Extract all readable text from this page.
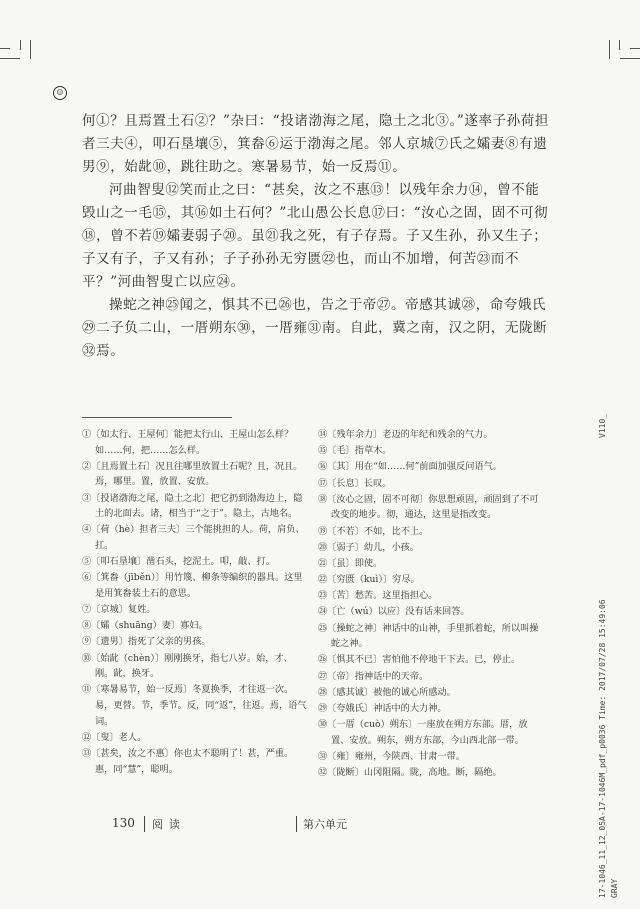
☺

何①？且焉置土石②？”杂曰：“投诸渤海之尾，隐土之北③。”遂率子孙荷担者三夫④，叩石垦壤⑤，箕畚⑥运于渤海之尾。邻人京城⑦氏之孀妻⑧有遗男⑨，始龀⑩，跳往助之。寒暑易节，始一反焉⑪。

河曲智叟⑫笑而止之曰：“甚矣，汝之不惠⑬！以残年余力⑭，曾不能毁山之一毛⑮，其⑯如土石何？”北山愚公长息⑰曰：“汝心之固，固不可彻⑱，曾不若⑲孀妻弱子⑳。虽㉑我之死，有子存焉。子又生孙，孙又生子；子又有子，子又有孙；子子孙孙无穷匮㉒也，而山不加增，何苦㉓而不平？”河曲智叟亡以应㉔。

操蛇之神㉕闻之，惧其不已㉖也，告之于帝㉗。帝感其诚㉘，命夸娥氏㉙二子负二山，一厝朔东㉚，一厝雍㉛南。自此，冀之南，汉之阴，无陇断㉜焉。

①〔如太行、王屋何〕能把太行山、王屋山怎么样？如……何，把……怎么样。

②〔且焉置土石〕况且往哪里放置土石呢？且，况且。焉，哪里。置，放置、安放。

③〔投诸渤海之尾，隐土之北〕把它扔到渤海边上，隐土的北面去。诸，相当于“之于”。隐土，古地名。

④〔荷（hè）担者三夫〕三个能挑担的人。荷，肩负、扛。

⑤〔叩石垦壤〕凿石头，挖泥土。叩，敲、打。

⑥〔箕畚（jīběn）〕用竹篾、柳条等编织的器具。这里是用箕畚装土石的意思。

⑦〔京城〕复姓。

⑧〔孀（shuāng）妻〕寡妇。

⑨〔遗男〕指死了父亲的男孩。

⑩〔始龀（chèn）〕刚刚换牙，指七八岁。始，才、刚。龀，换牙。

⑪〔寒暑易节，始一反焉〕冬夏换季，才往返一次。易，更替。节，季节。反，同“返”，往返。焉，语气词。

⑫〔叟〕老人。

⑬〔甚矣，汝之不惠〕你也太不聪明了！甚，严重。惠，同“慧”，聪明。

⑭〔残年余力〕老迈的年纪和残余的气力。

⑮〔毛〕指草木。

⑯〔其〕用在“如……何”前面加强反问语气。

⑰〔长息〕长叹。

⑱〔汝心之固，固不可彻〕你思想顽固，顽固到了不可改变的地步。彻，通达，这里是指改变。

⑲〔不若〕不如，比不上。

⑳〔弱子〕幼儿，小孩。

㉑〔虽〕即使。

㉒〔穷匮（kuì）〕穷尽。

㉓〔苦〕愁苦。这里指担心。

㉔〔亡（wú）以应〕没有话来回答。

㉕〔操蛇之神〕神话中的山神，手里抓着蛇，所以叫操蛇之神。

㉖〔惧其不已〕害怕他不停地干下去。已，停止。

㉗〔帝〕指神话中的天帝。

㉘〔感其诚〕被他的诚心所感动。

㉙〔夸娥氏〕神话中的大力神。

㉚〔一厝（cuò）朔东〕一座放在朔方东部。厝，放置、安放。朔东，朔方东部，今山西北部一带。

㉛〔雍〕雍州，今陕西、甘肃一带。

㉜〔陇断〕山冈阻隔。陇，高地。断，隔绝。

V110_
17-1046_11_12_05A-17-1046M_pdf_p0036 Time: 2017/07/28 15:49:06 GRAY
130 阅读	第六单元
